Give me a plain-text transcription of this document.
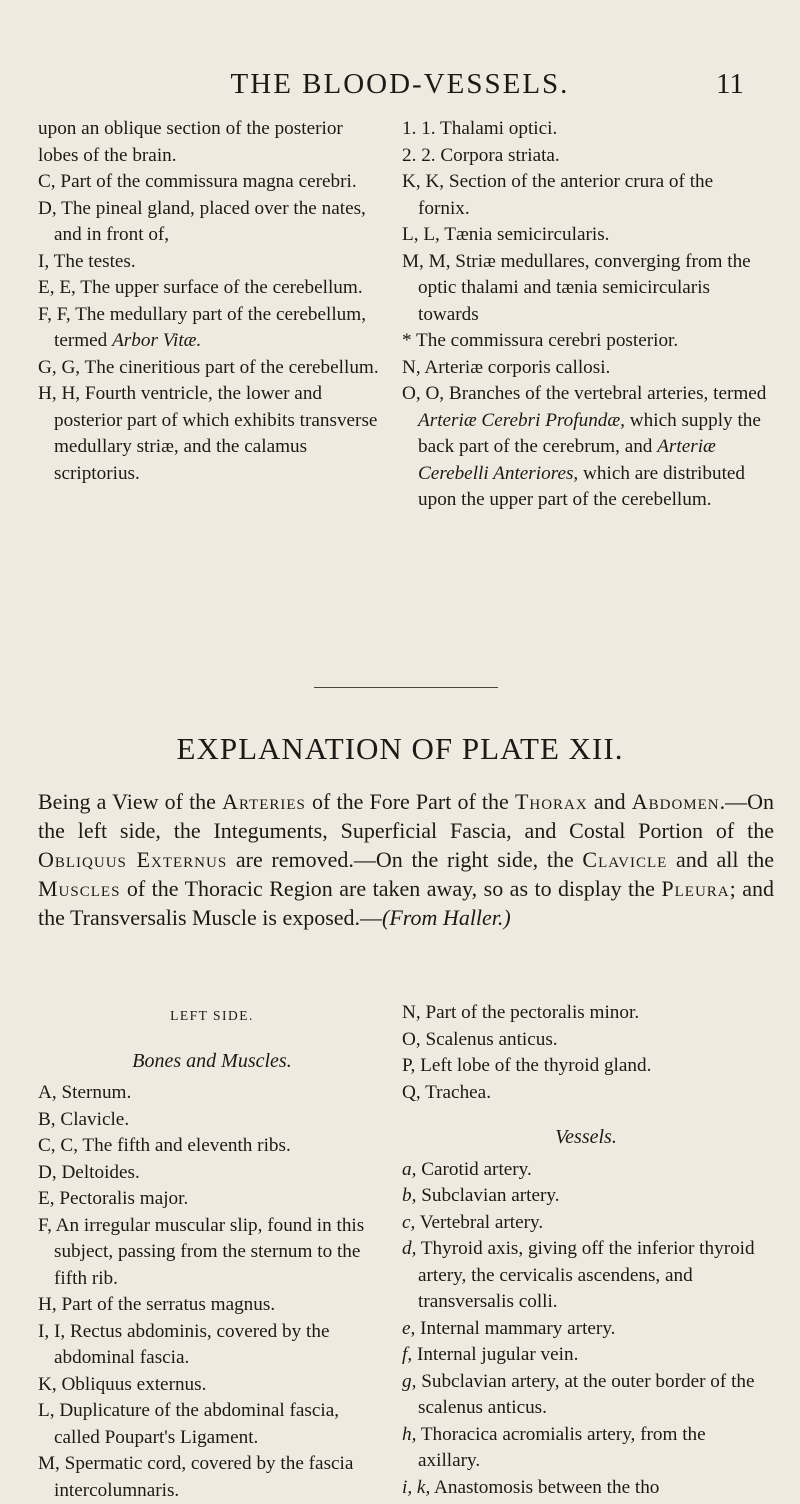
THE BLOOD-VESSELS.	11

upon an oblique section of the posterior lobes of the brain.

C, Part of the commissura magna cerebri.

D, The pineal gland, placed over the nates, and in front of,

I, The testes.

E, E, The upper surface of the cerebellum.

F, F, The medullary part of the cerebellum, termed Arbor Vitæ.

G, G, The cineritious part of the cerebellum.

H, H, Fourth ventricle, the lower and posterior part of which exhibits transverse medullary striæ, and the calamus scriptorius.

1. 1. Thalami optici.

2. 2. Corpora striata.

K, K, Section of the anterior crura of the fornix.

L, L, Tænia semicircularis.

M, M, Striæ medullares, converging from the optic thalami and tænia semicircularis towards

* The commissura cerebri posterior.

N, Arteriæ corporis callosi.

O, O, Branches of the vertebral arteries, termed Arteriæ Cerebri Profundæ, which supply the back part of the cerebrum, and Arteriæ Cerebelli Anteriores, which are distributed upon the upper part of the cerebellum.

EXPLANATION OF PLATE XII.
Being a View of the Arteries of the Fore Part of the Thorax and Abdomen.—On the left side, the Integuments, Superficial Fascia, and Costal Portion of the Obliquus Externus are removed.—On the right side, the Clavicle and all the Muscles of the Thoracic Region are taken away, so as to display the Pleura; and the Transversalis Muscle is exposed.—(From Haller.)
LEFT SIDE.
Bones and Muscles.

A, Sternum.

B, Clavicle.

C, C, The fifth and eleventh ribs.

D, Deltoides.

E, Pectoralis major.

F, An irregular muscular slip, found in this subject, passing from the sternum to the fifth rib.

H, Part of the serratus magnus.

I, I, Rectus abdominis, covered by the abdominal fascia.

K, Obliquus externus.

L, Duplicature of the abdominal fascia, called Poupart's Ligament.

M, Spermatic cord, covered by the fascia intercolumnaris.

N, Part of the pectoralis minor.

O, Scalenus anticus.

P, Left lobe of the thyroid gland.

Q, Trachea.

Vessels.

a, Carotid artery.

b, Subclavian artery.

c, Vertebral artery.

d, Thyroid axis, giving off the inferior thyroid artery, the cervicalis ascendens, and transversalis colli.

e, Internal mammary artery.

f, Internal jugular vein.

g, Subclavian artery, at the outer border of the scalenus anticus.

h, Thoracica acromialis artery, from the axillary.

i, k, Anastomosis between the tho
